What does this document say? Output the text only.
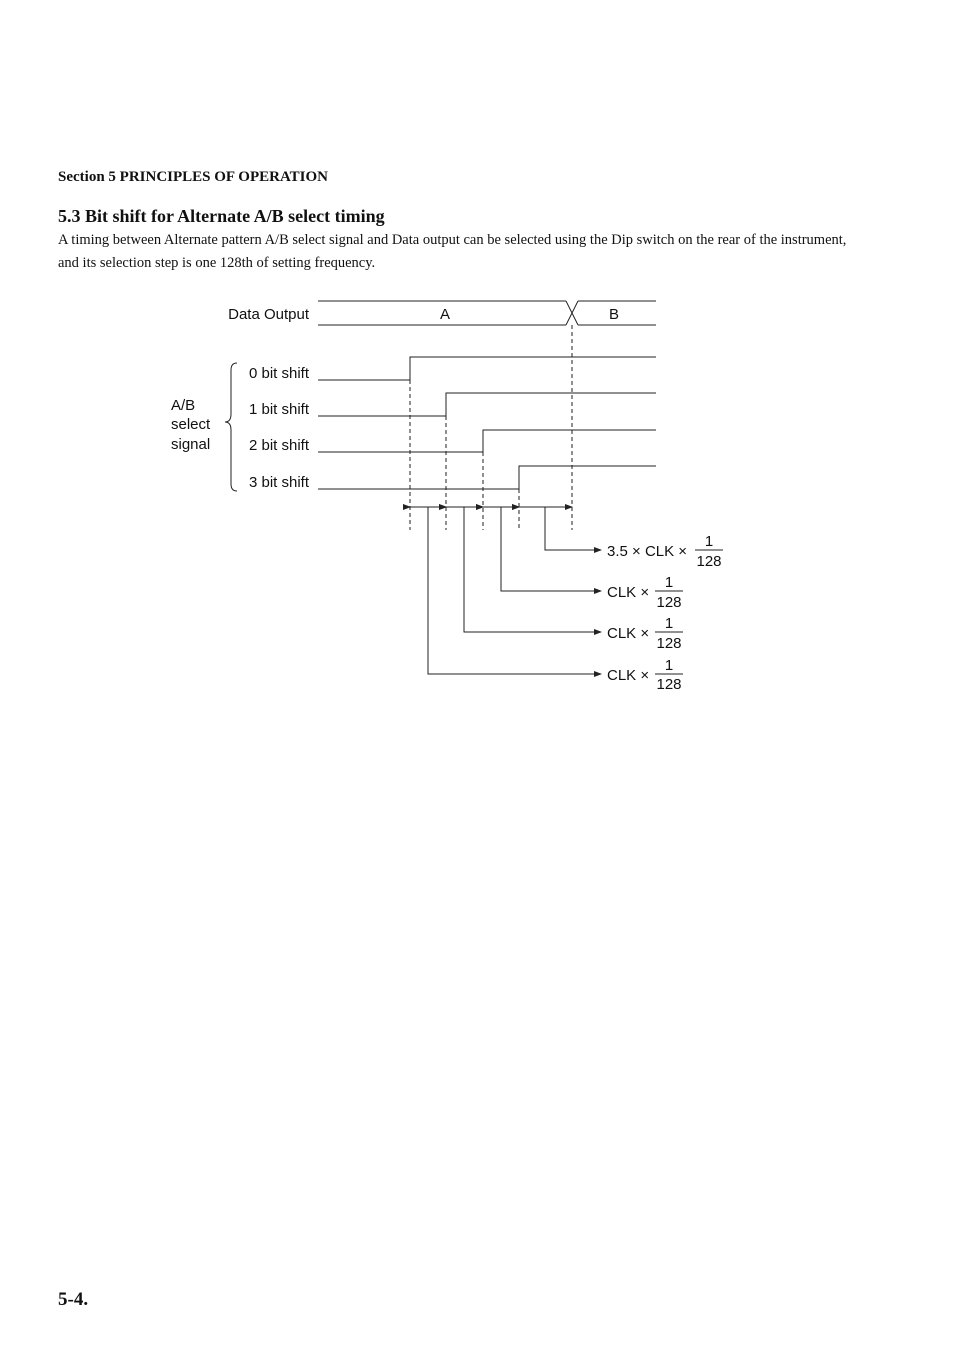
Section 5 PRINCIPLES OF OPERATION
5.3 Bit shift for Alternate A/B select timing
A timing between Alternate pattern A/B select signal and Data output can be selected using the Dip switch on the rear of the instrument, and its selection step is one 128th of setting frequency.
Data Output	A	B
A/B
select
signal
0 bit shift
1 bit shift
2 bit shift
3 bit shift
3.5 × CLK ×
1
128
CLK ×
1
128
CLK ×
1
128
CLK ×
1
128
5-4.
